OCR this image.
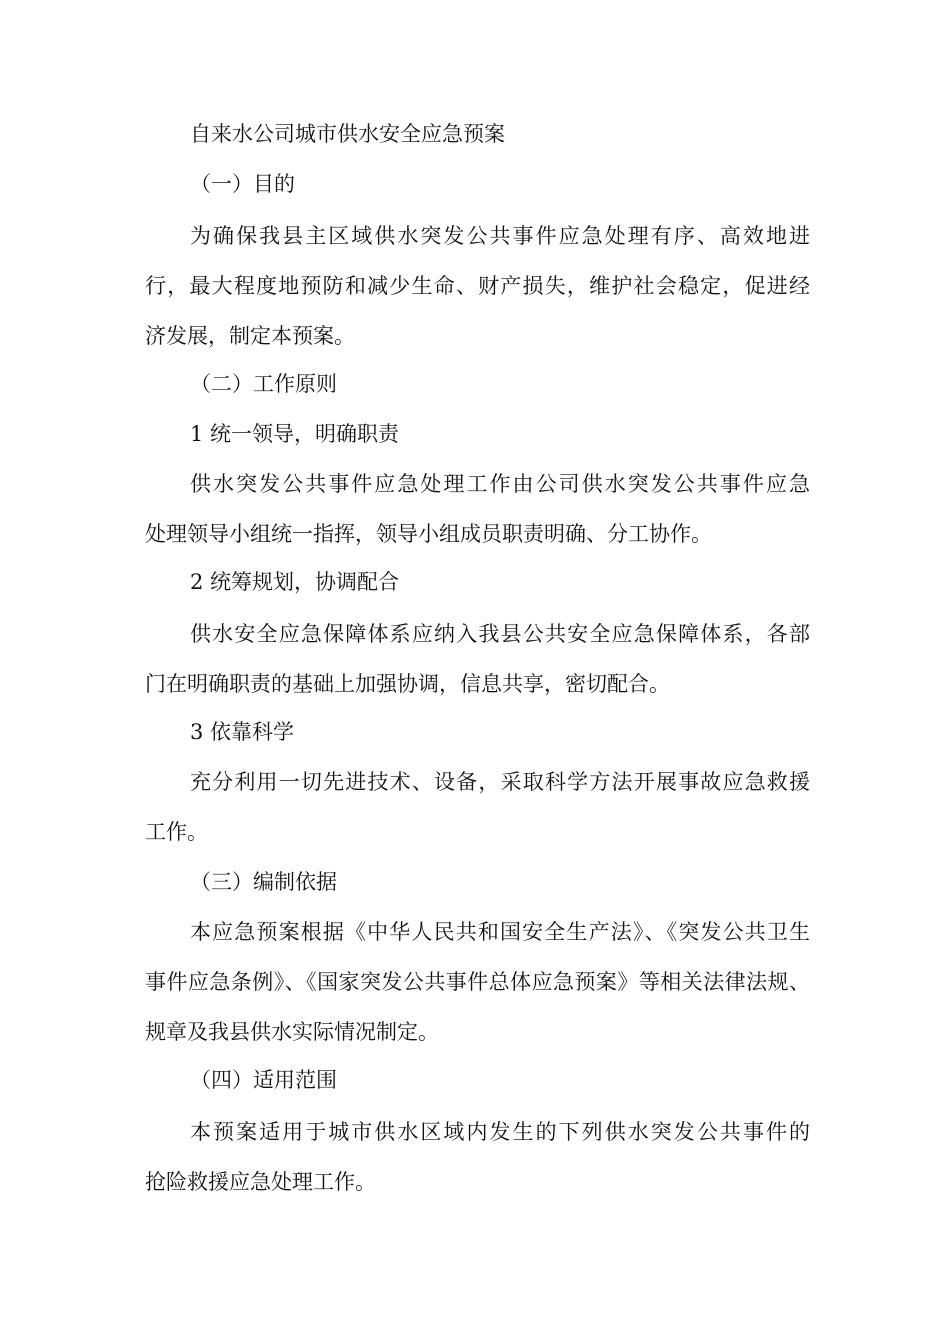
自来水公司城市供水安全应急预案
（一）目的
为确保我县主区域供水突发公共事件应急处理有序、高效地进
行，最大程度地预防和减少生命、财产损失，维护社会稳定，促进经
济发展，制定本预案。
（二）工作原则
1 统一领导，明确职责
供水突发公共事件应急处理工作由公司供水突发公共事件应急
处理领导小组统一指挥，领导小组成员职责明确、分工协作。
2 统筹规划，协调配合
供水安全应急保障体系应纳入我县公共安全应急保障体系，各部
门在明确职责的基础上加强协调，信息共享，密切配合。
3 依靠科学
充分利用一切先进技术、设备，采取科学方法开展事故应急救援
工作。
（三）编制依据
本应急预案根据《中华人民共和国安全生产法》、《突发公共卫生
事件应急条例》、《国家突发公共事件总体应急预案》等相关法律法规、
规章及我县供水实际情况制定。
（四）适用范围
本预案适用于城市供水区域内发生的下列供水突发公共事件的
抢险救援应急处理工作。
